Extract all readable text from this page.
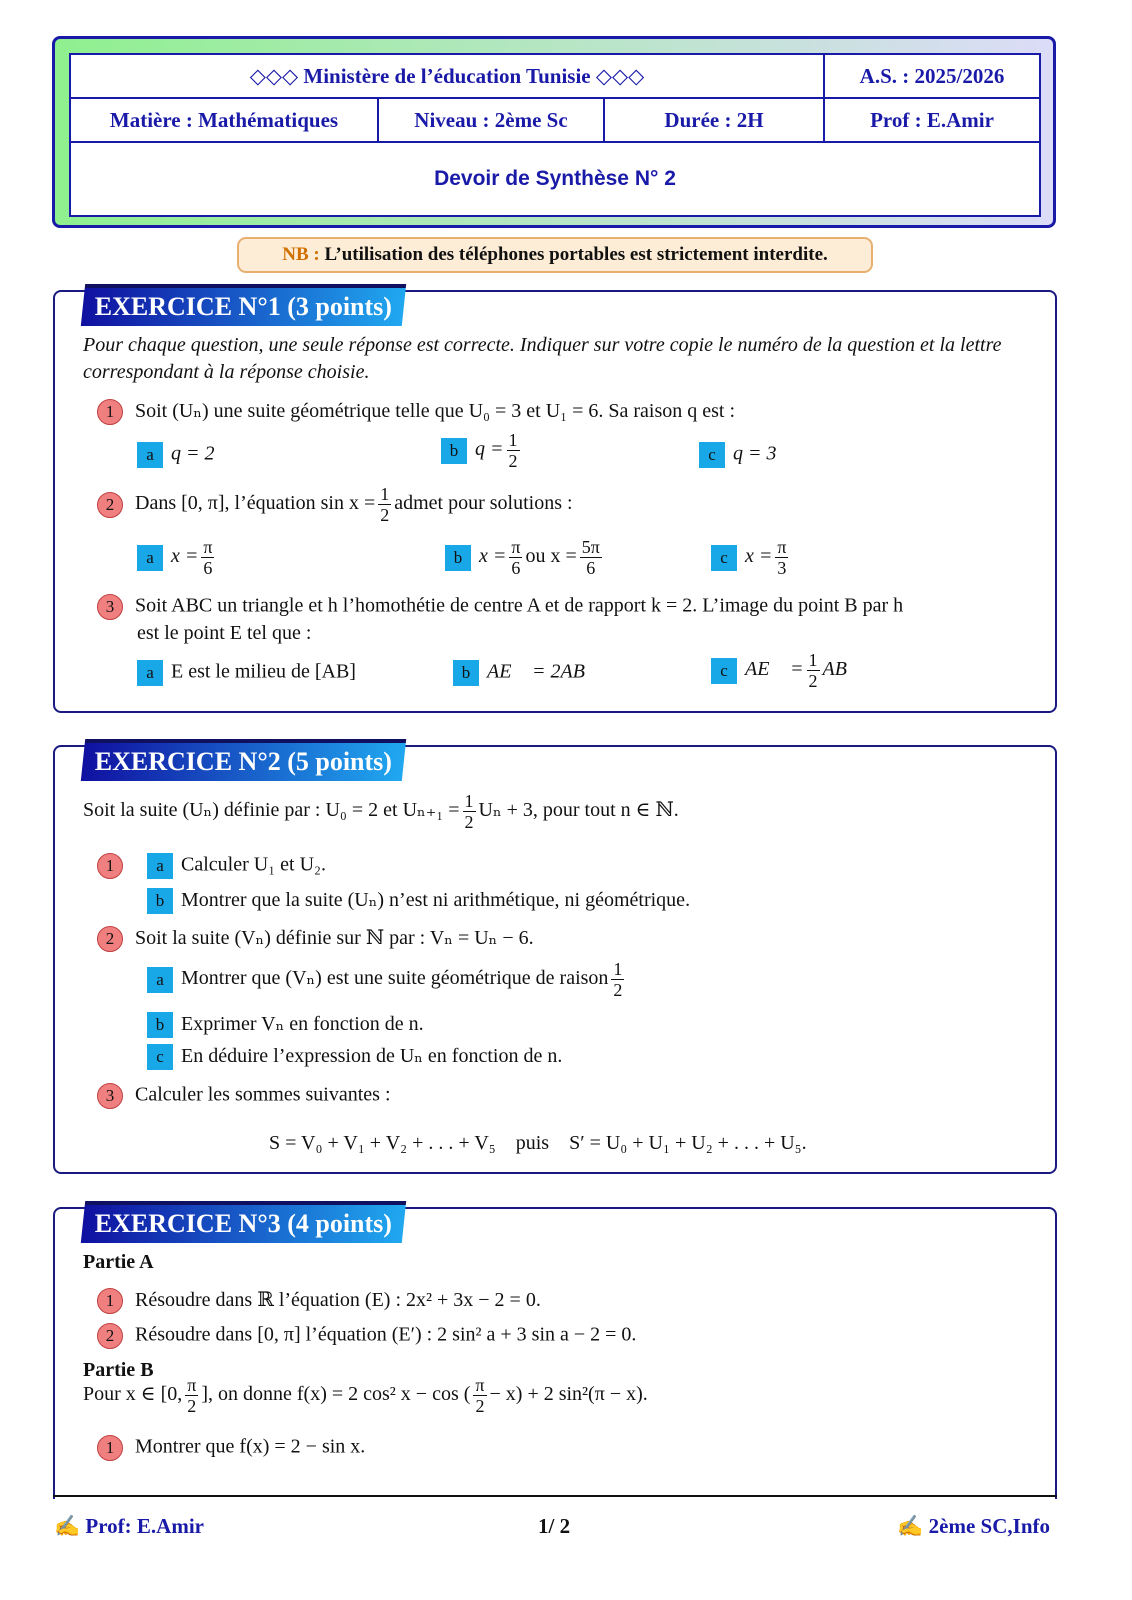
◇◇◇ Ministère de l’éducation Tunisie ◇◇◇			A.S. : 2025/2026
Matière : Mathématiques	Niveau : 2ème Sc	Durée : 2H	Prof : E.Amir
Devoir de Synthèse N° 2			
NB : L’utilisation des téléphones portables est strictement interdite.
EXERCICE N°1 (3 points)
Pour chaque question, une seule réponse est correcte. Indiquer sur votre copie le numéro de la question et la lettre correspondant à la réponse choisie.
1 Soit (Uₙ) une suite géométrique telle que U₀ = 3 et U₁ = 6. Sa raison q est :
a q = 2	b $q = \frac{1}{2}$	c q = 3
2 Dans [0, π], l’équation $\sin x = \frac{1}{2}$ admet pour solutions :
a $x = \frac{\pi}{6}$	b $x = \frac{\pi}{6}$ ou $x = \frac{5\pi}{6}$	c $x = \frac{\pi}{3}$
3 Soit ABC un triangle et h l’homothétie de centre A et de rapport k = 2. L’image du point B par h
est le point E tel que :
a E est le milieu de [AB]	b AE⃗ = 2AB⃗	c AE⃗ = $\frac{1}{2}$ AB⃗
EXERCICE N°2 (5 points)
Soit la suite (Uₙ) définie par : U₀ = 2 et $U_{n+1} = \frac{1}{2}$ Uₙ + 3, pour tout n ∈ ℕ.
1 a Calculer U₁ et U₂.
b Montrer que la suite (Uₙ) n’est ni arithmétique, ni géométrique.
2 Soit la suite (Vₙ) définie sur ℕ par : Vₙ = Uₙ − 6.
a Montrer que (Vₙ) est une suite géométrique de raison $\frac{1}{2}$
b Exprimer Vₙ en fonction de n.
c En déduire l’expression de Uₙ en fonction de n.
3 Calculer les sommes suivantes :
S = V₀ + V₁ + V₂ + . . . + V₅    puis    S′ = U₀ + U₁ + U₂ + . . . + U₅.
EXERCICE N°3 (4 points)
Partie A
1 Résoudre dans ℝ l’équation (E) : 2x² + 3x − 2 = 0.
2 Résoudre dans [0, π] l’équation (E′) : 2 sin² a + 3 sin a − 2 = 0.
Partie B
Pour x ∈ [0, $\frac{\pi}{2}$ ], on donne f(x) = 2 cos² x − cos ( $\frac{\pi}{2} - x) + 2$ sin²(π − x).
1 Montrer que f(x) = 2 − sin x.
✍ Prof: E.Amir	1/ 2	✍ 2ème SC,Info
